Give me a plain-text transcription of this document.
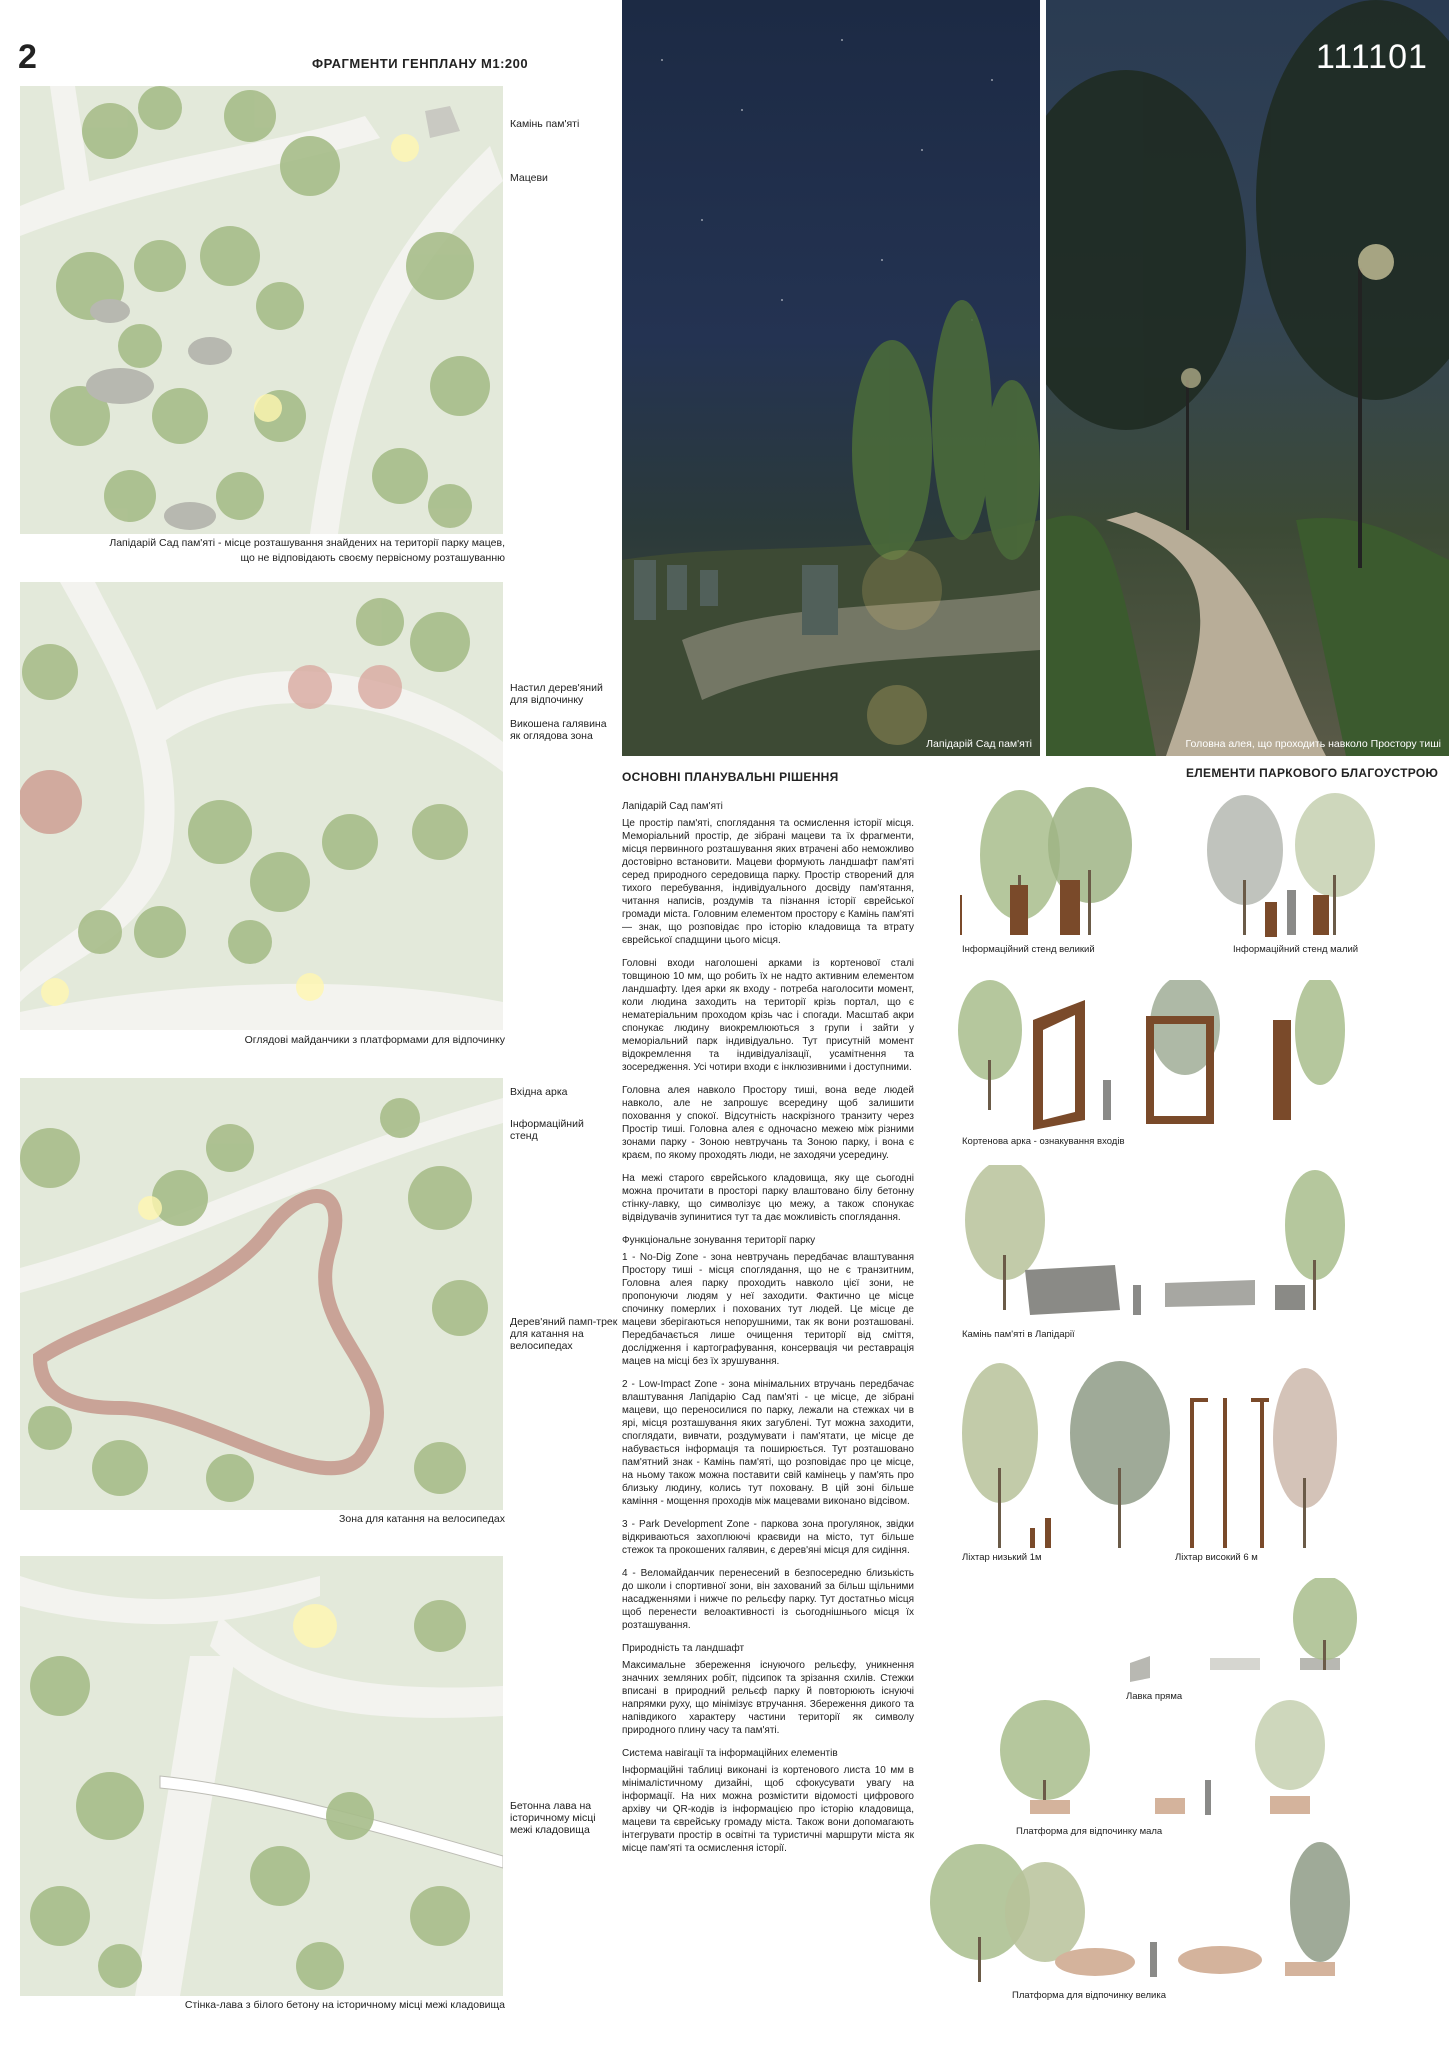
2	ФРАГМЕНТИ ГЕНПЛАНУ М1:200
Камінь пам'яті
Мацеви
Лапідарій Сад пам'яті - місце розташування знайдених на території парку мацев,
що не відповідають своєму первісному розташуванню
Настил дерев'яний для відпочинку
Викошена галявина як оглядова зона
Оглядові майданчики з платформами для відпочинку
Вхідна арка
Інформаційний стенд
Дерев'яний памп-трек для катання на велосипедах
Зона для катання на велосипедах
Бетонна лава на історичному місці межі кладовища
Стінка-лава з білого бетону на історичному місці межі кладовища
Лапідарій Сад пам'яті	Головна алея, що проходить навколо Простору тиші
111101
ОСНОВНІ ПЛАНУВАЛЬНІ РІШЕННЯ
Лапідарій Сад пам'яті

Це простір пам'яті, споглядання та осмислення історії місця. Меморіальний простір, де зібрані мацеви та їх фрагменти, місця первинного розташування яких втрачені або неможливо достовірно встановити. Мацеви формують ландшафт пам'яті серед природного середовища парку. Простір створений для тихого перебування, індивідуального досвіду пам'ятання, читання написів, роздумів та пізнання історії єврейської громади міста. Головним елементом простору є Камінь пам'яті — знак, що розповідає про історію кладовища та втрату єврейської спадщини цього місця.

Головні входи наголошені арками із кортенової сталі товщиною 10 мм, що робить їх не надто активним елементом ландшафту. Ідея арки як входу - потреба наголосити момент, коли людина заходить на території крізь портал, що є нематеріальним проходом крізь час і спогади. Масштаб акри спонукає людину виокремлюються з групи і зайти у меморіальний парк індивідуально. Тут присутній момент відокремлення та індивідуалізації, усамітнення та зосередження. Усі чотири входи є інклюзивними і доступними.

Головна алея навколо Простору тиші, вона веде людей навколо, але не запрошує всередину щоб залишити поховання у спокої. Відсутність наскрізного транзиту через Простір тиші. Головна алея є одночасно межею між різними зонами парку - Зоною невтручань та Зоною парку, і вона є краєм, по якому проходять люди, не заходячи усередину.

На межі старого єврейського кладовища, яку ще сьогодні можна прочитати в просторі парку влаштовано білу бетонну стінку-лавку, що символізує цю межу, а також спонукає відвідувачів зупинитися тут та дає можливість споглядання.

Функціональне зонування території парку

1 - No-Dig Zone - зона невтручань передбачає влаштування Простору тиші - місця споглядання, що не є транзитним, Головна алея парку проходить навколо цієї зони, не пропонуючи людям у неї заходити. Фактично це місце спочинку померлих і похованих тут людей. Це місце де мацеви зберігаються непорушними, так як вони розташовані. Передбачається лише очищення території від сміття, дослідження і картографування, консервація чи реставрація мацев на місці без їх зрушування.

2 - Low-Impact Zone - зона мінімальних втручань передбачає влаштування Лапідарію Сад пам'яті - це місце, де зібрані мацеви, що переносилися по парку, лежали на стежках чи в ярі, місця розташування яких загублені. Тут можна заходити, споглядати, вивчати, роздумувати і пам'ятати, це місце де набувається інформація та поширюється. Тут розташовано пам'ятний знак - Камінь пам'яті, що розповідає про це місце, на ньому також можна поставити свій камінець у пам'ять про близьку людину, колись тут поховану. В цій зоні більше каміння - мощення проходів між мацевами виконано відсівом.

3 - Park Development Zone - паркова зона прогулянок, звідки відкриваються захоплюючі краєвиди на місто, тут більше стежок та прокошених галявин, є дерев'яні місця для сидіння.

4 - Веломайданчик перенесений в безпосередню близькість до школи і спортивної зони, він захований за більш щільними насадженнями і нижче по рельєфу парку. Тут достатньо місця щоб перенести велоактивності із сьогоднішнього місця їх розташування.

Природність та ландшафт

Максимальне збереження існуючого рельєфу, уникнення значних земляних робіт, підсипок та зрізання схилів. Стежки вписані в природний рельєф парку й повторюють існуючі напрямки руху, що мінімізує втручання. Збереження дикого та напівдикого характеру частини території як символу природного плину часу та пам'яті.

Система навігації та інформаційних елементів

Інформаційні таблиці виконані із кортенового листа 10 мм в мінімалістичному дизайні, щоб сфокусувати увагу на інформації. На них можна розмістити відомості цифрового архіву чи QR-кодів із інформацією про історію кладовища, мацеви та єврейську громаду міста. Також вони допомагають інтегрувати простір в освітні та туристичні маршрути міста як місце пам'яті та осмислення історії.

ЕЛЕМЕНТИ ПАРКОВОГО БЛАГОУСТРОЮ
Інформаційний стенд великий	Інформаційний стенд малий
Кортенова арка - ознакування входів
Камінь пам'яті в Лапідарії
Ліхтар низький 1м	Ліхтар високий 6 м
Лавка пряма
Платформа для відпочинку мала
Платформа для відпочинку велика
